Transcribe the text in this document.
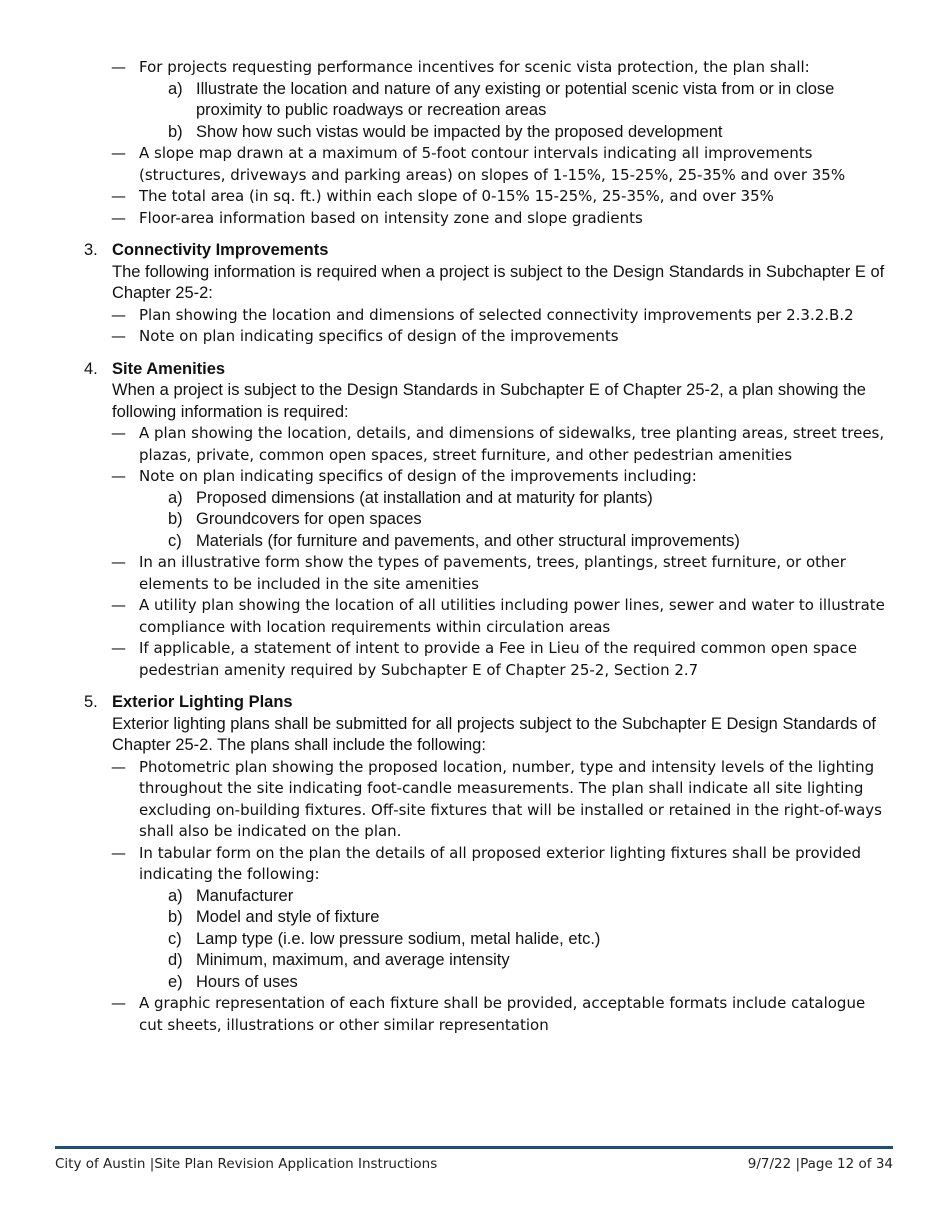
— For projects requesting performance incentives for scenic vista protection, the plan shall:
a) Illustrate the location and nature of any existing or potential scenic vista from or in close proximity to public roadways or recreation areas
b) Show how such vistas would be impacted by the proposed development
— A slope map drawn at a maximum of 5-foot contour intervals indicating all improvements (structures, driveways and parking areas) on slopes of 1-15%, 15-25%, 25-35% and over 35%
— The total area (in sq. ft.) within each slope of 0-15% 15-25%, 25-35%, and over 35%
— Floor-area information based on intensity zone and slope gradients
3. Connectivity Improvements
The following information is required when a project is subject to the Design Standards in Subchapter E of Chapter 25-2:
— Plan showing the location and dimensions of selected connectivity improvements per 2.3.2.B.2
— Note on plan indicating specifics of design of the improvements
4. Site Amenities
When a project is subject to the Design Standards in Subchapter E of Chapter 25-2, a plan showing the following information is required:
— A plan showing the location, details, and dimensions of sidewalks, tree planting areas, street trees, plazas, private, common open spaces, street furniture, and other pedestrian amenities
— Note on plan indicating specifics of design of the improvements including:
a) Proposed dimensions (at installation and at maturity for plants)
b) Groundcovers for open spaces
c) Materials (for furniture and pavements, and other structural improvements)
— In an illustrative form show the types of pavements, trees, plantings, street furniture, or other elements to be included in the site amenities
— A utility plan showing the location of all utilities including power lines, sewer and water to illustrate compliance with location requirements within circulation areas
— If applicable, a statement of intent to provide a Fee in Lieu of the required common open space pedestrian amenity required by Subchapter E of Chapter 25-2, Section 2.7
5. Exterior Lighting Plans
Exterior lighting plans shall be submitted for all projects subject to the Subchapter E Design Standards of Chapter 25-2. The plans shall include the following:
— Photometric plan showing the proposed location, number, type and intensity levels of the lighting throughout the site indicating foot-candle measurements. The plan shall indicate all site lighting excluding on-building fixtures. Off-site fixtures that will be installed or retained in the right-of-ways shall also be indicated on the plan.
— In tabular form on the plan the details of all proposed exterior lighting fixtures shall be provided indicating the following:
a) Manufacturer
b) Model and style of fixture
c) Lamp type (i.e. low pressure sodium, metal halide, etc.)
d) Minimum, maximum, and average intensity
e) Hours of uses
— A graphic representation of each fixture shall be provided, acceptable formats include catalogue cut sheets, illustrations or other similar representation
City of Austin |Site Plan Revision Application Instructions	9/7/22 |Page 12 of 34
